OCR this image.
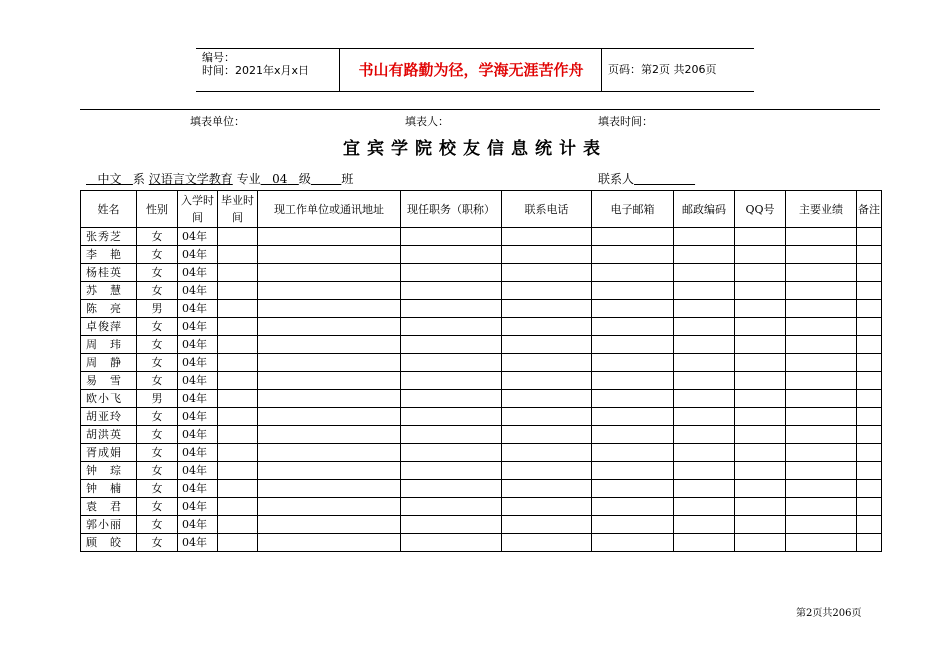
编号：
时间：2021年x月x日	书山有路勤为径，学海无涯苦作舟	页码：第2页 共206页
填表单位：	填表人：	填表时间：
宜宾学院校友信息统计表
中文 系 汉语言文学教育 专业 04 级	班	联系人
姓名	性别	入学时间	毕业时间	现工作单位或通讯地址	现任职务（职称）	联系电话	电子邮箱	邮政编码	QQ号	主要业绩	备注
张秀芝	女	04年									
李　艳	女	04年									
杨桂英	女	04年									
苏　慧	女	04年									
陈　亮	男	04年									
卓俊萍	女	04年									
周　玮	女	04年									
周　静	女	04年									
易　雪	女	04年									
欧小飞	男	04年									
胡亚玲	女	04年									
胡洪英	女	04年									
胥成娟	女	04年									
钟　琮	女	04年									
钟　楠	女	04年									
袁　君	女	04年									
郭小丽	女	04年									
顾　皎	女	04年									
第2页共206页
